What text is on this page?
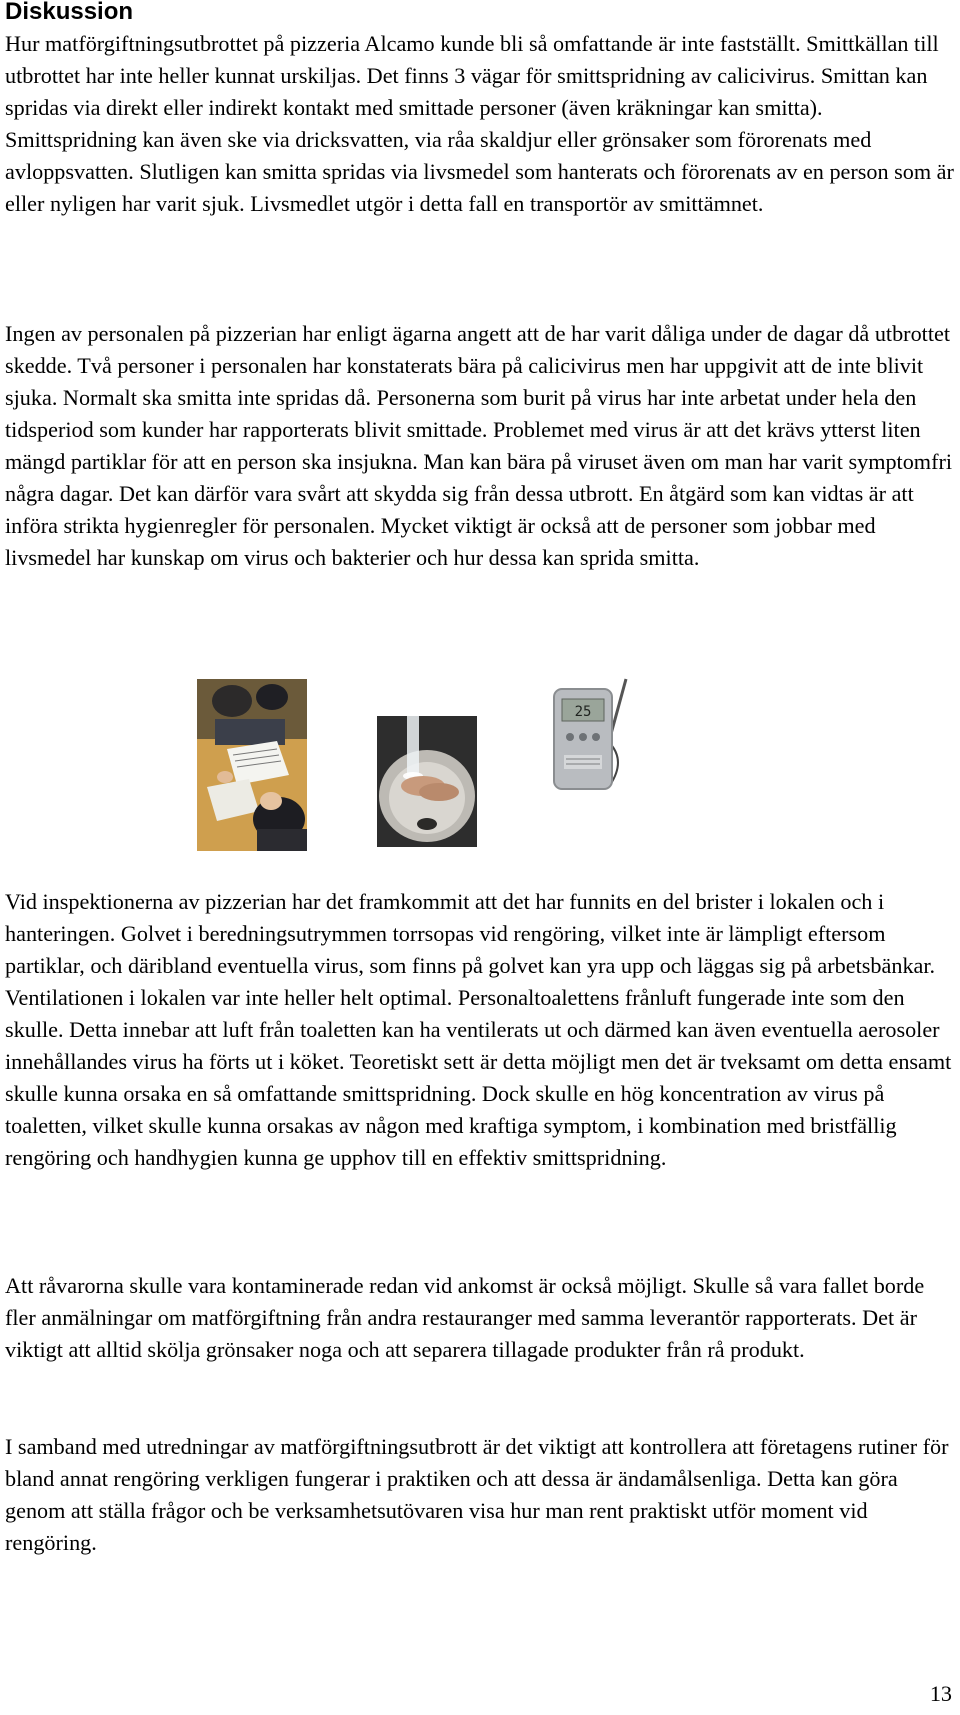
Diskussion

Hur matförgiftningsutbrottet på pizzeria Alcamo kunde bli så omfattande är inte fastställt. Smittkällan till utbrottet har inte heller kunnat urskiljas. Det finns 3 vägar för smittspridning av calicivirus. Smittan kan spridas via direkt eller indirekt kontakt med smittade personer (även kräkningar kan smitta). Smittspridning kan även ske via dricksvatten, via råa skaldjur eller grönsaker som förorenats med avloppsvatten. Slutligen kan smitta spridas via livsmedel som hanterats och förorenats av en person som är eller nyligen har varit sjuk. Livsmedlet utgör i detta fall en transportör av smittämnet.

Ingen av personalen på pizzerian har enligt ägarna angett att de har varit dåliga under de dagar då utbrottet skedde. Två personer i personalen har konstaterats bära på calicivirus men har uppgivit att de inte blivit sjuka. Normalt ska smitta inte spridas då. Personerna som burit på virus har inte arbetat under hela den tidsperiod som kunder har rapporterats blivit smittade. Problemet med virus är att det krävs ytterst liten mängd partiklar för att en person ska insjukna. Man kan bära på viruset även om man har varit symptomfri några dagar. Det kan därför vara svårt att skydda sig från dessa utbrott. En åtgärd som kan vidtas är att införa strikta hygienregler för personalen. Mycket viktigt är också att de personer som jobbar med livsmedel har kunskap om virus och bakterier och hur dessa kan sprida smitta.

25

Vid inspektionerna av pizzerian har det framkommit att det har funnits en del brister i lokalen och i hanteringen. Golvet i beredningsutrymmen torrsopas vid rengöring, vilket inte är lämpligt eftersom partiklar, och däribland eventuella virus, som finns på golvet kan yra upp och läggas sig på arbetsbänkar. Ventilationen i lokalen var inte heller helt optimal. Personaltoalettens frånluft fungerade inte som den skulle. Detta innebar att luft från toaletten kan ha ventilerats ut och därmed kan även eventuella aerosoler innehållandes virus ha förts ut i köket. Teoretiskt sett är detta möjligt men det är tveksamt om detta ensamt skulle kunna orsaka en så omfattande smittspridning. Dock skulle en hög koncentration av virus på toaletten, vilket skulle kunna orsakas av någon med kraftiga symptom, i kombination med bristfällig rengöring och handhygien kunna ge upphov till en effektiv smittspridning.

Att råvarorna skulle vara kontaminerade redan vid ankomst är också möjligt. Skulle så vara fallet borde fler anmälningar om matförgiftning från andra restauranger med samma leverantör rapporterats. Det är viktigt att alltid skölja grönsaker noga och att separera tillagade produkter från rå produkt.

I samband med utredningar av matförgiftningsutbrott är det viktigt att kontrollera att företagens rutiner för bland annat rengöring verkligen fungerar i praktiken och att dessa är ändamålsenliga. Detta kan göra genom att ställa frågor och be verksamhetsutövaren visa hur man rent praktiskt utför moment vid rengöring.

13
